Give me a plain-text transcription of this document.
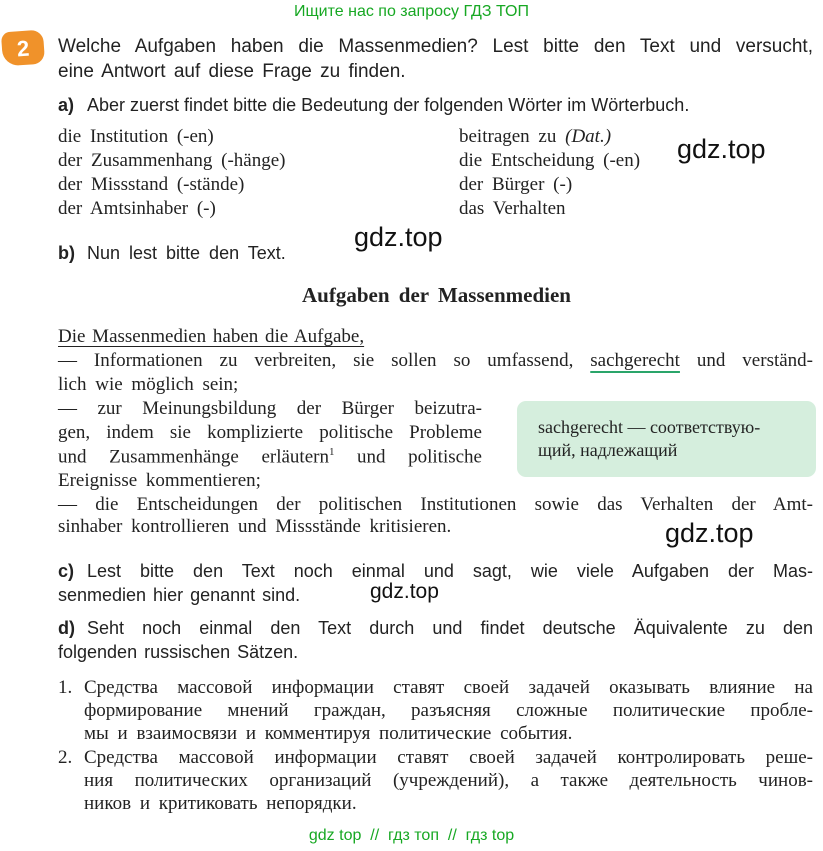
Ищите нас по запросу ГДЗ ТОП
2	Welche Aufgaben haben die Massenmedien? Lest bitte den Text und versucht,
eine Antwort auf diese Frage zu finden.
a) Aber zuerst findet bitte die Bedeutung der folgenden Wörter im Wörterbuch.
die Institution (-en)
der Zusammenhang (-hänge)
der Missstand (-stände)
der Amtsinhaber (-)
beitragen zu (Dat.)
die Entscheidung (-en)
der Bürger (-)
das Verhalten
b) Nun lest bitte den Text.
Aufgaben der Massenmedien
Die Massenmedien haben die Aufgabe,
— Informationen zu verbreiten, sie sollen so umfassend, sachgerecht und verständ-
lich wie möglich sein;
— zur Meinungsbildung der Bürger beizutra-
gen, indem sie komplizierte politische Probleme
und Zusammenhänge erläutern$^1$ und politische
Ereignisse kommentieren;
sachgerecht — соответствую-
щий, надлежащий
— die Entscheidungen der politischen Institutionen sowie das Verhalten der Amt-
sinhaber kontrollieren und Missstände kritisieren.
c) Lest bitte den Text noch einmal und sagt, wie viele Aufgaben der Mas-
senmedien hier genannt sind.
d) Seht noch einmal den Text durch und findet deutsche Äquivalente zu den
folgenden russischen Sätzen.
1. Средства массовой информации ставят своей задачей оказывать влияние на
формирование мнений граждан, разъясняя сложные политические пробле-
мы и взаимосвязи и комментируя политические события.
2. Средства массовой информации ставят своей задачей контролировать реше-
ния политических организаций (учреждений), а также деятельность чинов-
ников и критиковать непорядки.
gdz.top
gdz.top
gdz.top
gdz.top
gdz top  //  гдз топ  //  гдз top
